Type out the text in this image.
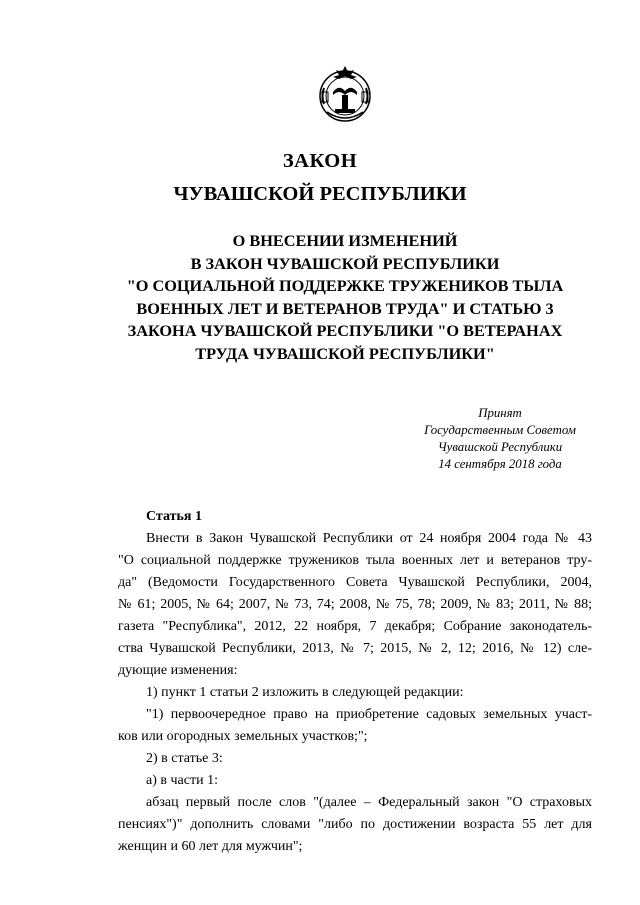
ЗАКОН
ЧУВАШСКОЙ РЕСПУБЛИКИ
О ВНЕСЕНИИ ИЗМЕНЕНИЙ
В ЗАКОН ЧУВАШСКОЙ РЕСПУБЛИКИ
"О СОЦИАЛЬНОЙ ПОДДЕРЖКЕ ТРУЖЕНИКОВ ТЫЛА
ВОЕННЫХ ЛЕТ И ВЕТЕРАНОВ ТРУДА" И СТАТЬЮ 3
ЗАКОНА ЧУВАШСКОЙ РЕСПУБЛИКИ "О ВЕТЕРАНАХ
ТРУДА ЧУВАШСКОЙ РЕСПУБЛИКИ"
Принят
Государственным Советом
Чувашской Республики
14 сентября 2018 года
Статья 1
Внести в Закон Чувашской Республики от 24 ноября 2004 года № 43
"О социальной поддержке тружеников тыла военных лет и ветеранов тру-
да" (Ведомости Государственного Совета Чувашской Республики, 2004,
№ 61; 2005, № 64; 2007, № 73, 74; 2008, № 75, 78; 2009, № 83; 2011, № 88;
газета "Республика", 2012, 22 ноября, 7 декабря; Собрание законодатель-
ства Чувашской Республики, 2013, № 7; 2015, № 2, 12; 2016, № 12) сле-
дующие изменения:
1) пункт 1 статьи 2 изложить в следующей редакции:
"1) первоочередное право на приобретение садовых земельных участ-
ков или огородных земельных участков;";
2) в статье 3:
а) в части 1:
абзац первый после слов "(далее – Федеральный закон "О страховых
пенсиях")" дополнить словами "либо по достижении возраста 55 лет для
женщин и 60 лет для мужчин";
